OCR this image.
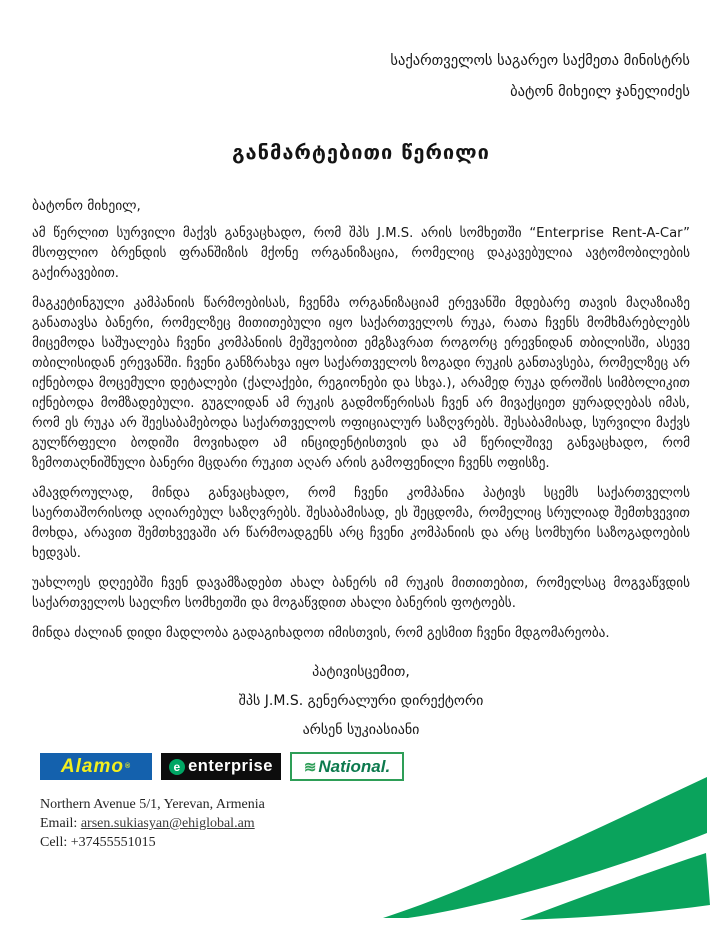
საქართველოს საგარეო საქმეთა მინისტრს
ბატონ მიხეილ ჯანელიძეს
განმარტებითი წერილი
ბატონო მიხეილ,

ამ წერლით სურვილი მაქვს განვაცხადო, რომ შპს J.M.S. არის სომხეთში “Enterprise Rent-A-Car” მსოფლიო ბრენდის ფრანშიზის მქონე ორგანიზაცია, რომელიც დაკავებულია ავტომობილების გაქირავებით.

მაგკეტინგული კამპანიის წარმოებისას, ჩვენმა ორგანიზაციამ ერევანში მდებარე თავის მაღაზიაზე განათავსა ბანერი, რომელზეც მითითებული იყო საქართველოს რუკა, რათა ჩვენს მომხმარებლებს მიცემოდა საშუალება ჩვენი კომპანიის მეშვეობით ემგზავრათ როგორც ერევნიდან თბილისში, ასევე თბილისიდან ერევანში. ჩვენი განზრახვა იყო საქართველოს ზოგადი რუკის განთავსება, რომელზეც არ იქნებოდა მოცემული დეტალები (ქალაქები, რეგიონები და სხვა.), არამედ რუკა დროშის სიმბოლიკით იქნებოდა მომზადებული. გუგლიდან ამ რუკის გადმოწერისას ჩვენ არ მივაქციეთ ყურადღებას იმას, რომ ეს რუკა არ შეესაბამებოდა საქართველოს ოფიციალურ საზღვრებს. შესაბამისად, სურვილი მაქვს გულწრფელი ბოდიში მოვიხადო ამ ინციდენტისთვის და ამ წერილშივე განვაცხადო, რომ ზემოთაღნიშნული ბანერი მცდარი რუკით აღარ არის გამოფენილი ჩვენს ოფისზე.

ამავდროულად, მინდა განვაცხადო, რომ ჩვენი კომპანია პატივს სცემს საქართველოს საერთაშორისოდ აღიარებულ საზღვრებს. შესაბამისად, ეს შეცდომა, რომელიც სრულიად შემთხვევით მოხდა, არავით შემთხვევაში არ წარმოადგენს არც ჩვენი კომპანიის და არც სომხური საზოგადოების ხედვას.

უახლოეს დღეებში ჩვენ დავამზადებთ ახალ ბანერს იმ რუკის მითითებით, რომელსაც მოგვაწვდის საქართველოს საელჩო სომხეთში და მოგაწვდით ახალი ბანერის ფოტოებს.

მინდა ძალიან დიდი მადლობა გადაგიხადოთ იმისთვის, რომ გესმით ჩვენი მდგომარეობა.

პატივისცემით,
შპს J.M.S. გენერალური დირექტორი
არსენ სუკიასიანი
Alamo ®	e enterprise ≋ National.
Northern Avenue 5/1, Yerevan, Armenia
Email: arsen.sukiasyan@ehiglobal.am
Cell: +37455551015
